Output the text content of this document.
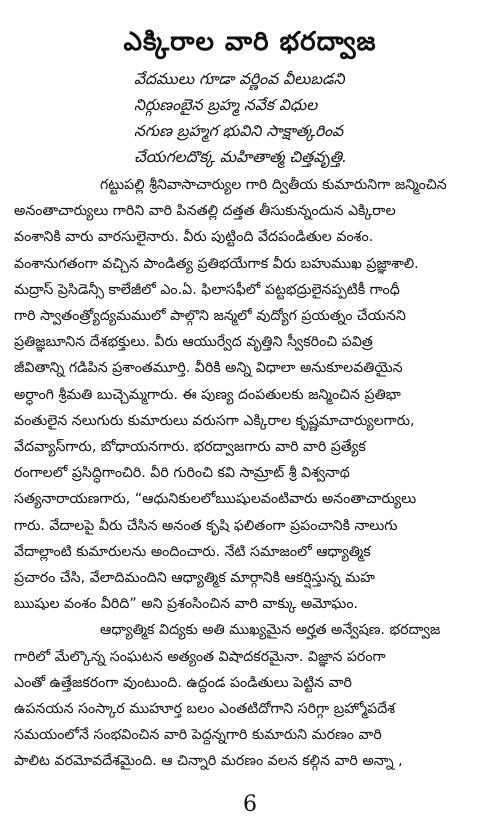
ఎక్కిరాల వారి భరద్వాజ
వేదములు గూడా వర్ణింవ వీలుబడని
నిర్గుణంబైన బ్రహ్మ నవేక విధుల
నగుణ బ్రహ్మగ భువిని సాక్షాత్కరింవ
చేయగలదొక్క మహితాత్మ చిత్తవృత్తి.
గట్టుపల్లి శ్రీనివాసాచార్యుల గారి ద్వితీయ కుమారునిగా జన్మించిన
అనంతాచార్యులు గారిని వారి పినతల్లి దత్తత తీసుకున్నందున ఎక్కిరాల
వంశానికి వారు వారసులైనారు. వీరు పుట్టింది వేదపండితుల వంశం.
వంశానుగతంగా వచ్చిన పాండిత్య ప్రతిభయేగాక వీరు బహుముఖ ప్రజ్ఞాశాలి.
మద్రాస్ ప్రెసిడెన్సీ కాలేజీలో ఎం.ఏ. ఫిలాసఫీలో పట్టభద్రులైనప్పటికీ గాంధీ
గారి స్వాతంత్ర్యోద్యమములో పాల్గొని జన్మలో వుద్యోగ ప్రయత్నం చేయనని
ప్రతిజ్ఞబూనిన దేశభక్తులు. వీరు ఆయుర్వేద వృత్తిని స్వీకరించి పవిత్ర
జీవితాన్ని గడిపిన ప్రశాంతమూర్తి. వీరికి అన్ని విధాలా అనుకూలవతియైన
అర్ధాంగి శ్రీమతి బుచ్చెమ్మగారు. ఈ పుణ్య దంపతులకు జన్మించిన ప్రతిభా
వంతులైన నలుగురు కుమారులు వరుసగా ఎక్కిరాల కృష్ణమాచార్యులగారు,
వేదవ్యాస్‌గారు, బోధాయనగారు. భరద్వాజగారు వారి వారి ప్రత్యేక
రంగాలలో ప్రసిద్ధిగాంచిరి. వీరి గురించి కవి సామ్రాట్ శ్రీ విశ్వనాథ
సత్యనారాయణగారు, “ఆధునికులలోఋషులవంటివారు అనంతాచార్యులు
గారు. వేదాలపై వీరు చేసిన అనంత కృషి ఫలితంగా ప్రపంచానికి నాలుగు
వేదాల్లాంటి కుమారులను అందించారు. నేటి సమాజంలో ఆధ్యాత్మిక
ప్రచారం చేసి, వేలాదిమందిని ఆధ్యాత్మిక మార్గానికి ఆకర్షిస్తున్న మహ
ఋషుల వంశం వీరిది” అని ప్రశంసించిన వారి వాక్కు అమోఘం.
ఆధ్యాత్మిక విద్యకు అతి ముఖ్యమైన అర్హత అన్వేషణ. భరద్వాజ
గారిలో మేల్కొన్న సంఘటన అత్యంత విషాదకరమైనా. విజ్ఞాన పరంగా
ఎంతో ఉత్తేజకరంగా వుంటుంది. ఉద్దండ పండితులు పెట్టిన వారి
ఉపనయన సంస్కార ముహూర్త బలం ఎంతటిదోగాని సరిగ్గా బ్రహ్మోపదేశ
సమయంలోనే సంభవించిన వారి పెద్దన్నగారి కుమారుని మరణం వారి
పాలిట వరమోవదేశమైంది. ఆ చిన్నారి మరణం వలన కల్గిన వారి అన్నా ,
6
